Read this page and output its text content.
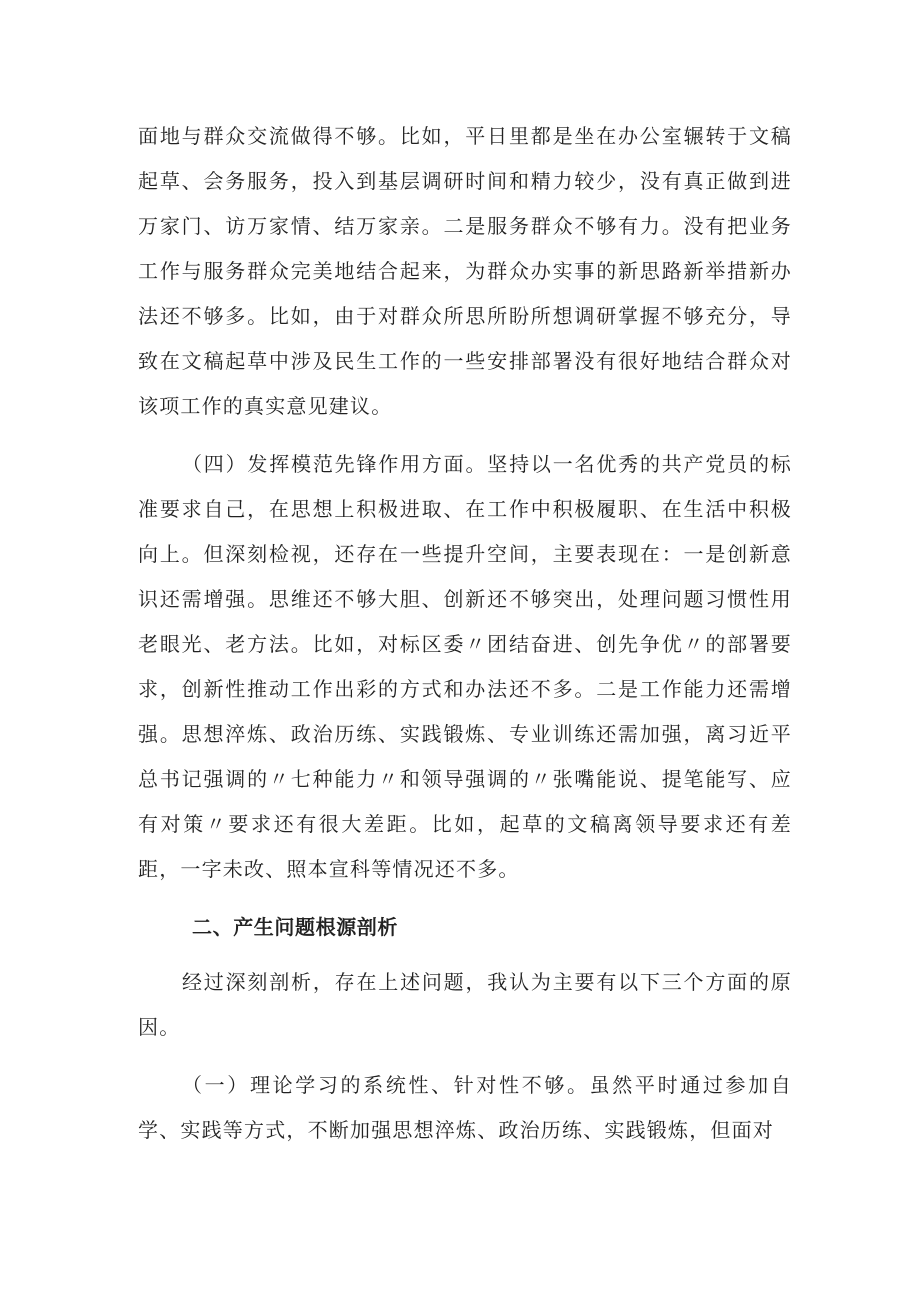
面地与群众交流做得不够。比如，平日里都是坐在办公室辗转于文稿起草、会务服务，投入到基层调研时间和精力较少，没有真正做到进万家门、访万家情、结万家亲。二是服务群众不够有力。没有把业务工作与服务群众完美地结合起来，为群众办实事的新思路新举措新办法还不够多。比如，由于对群众所思所盼所想调研掌握不够充分，导致在文稿起草中涉及民生工作的一些安排部署没有很好地结合群众对该项工作的真实意见建议。

（四）发挥模范先锋作用方面。坚持以一名优秀的共产党员的标准要求自己，在思想上积极进取、在工作中积极履职、在生活中积极向上。但深刻检视，还存在一些提升空间，主要表现在：一是创新意识还需增强。思维还不够大胆、创新还不够突出，处理问题习惯性用老眼光、老方法。比如，对标区委〃团结奋进、创先争优〃的部署要求，创新性推动工作出彩的方式和办法还不多。二是工作能力还需增强。思想淬炼、政治历练、实践锻炼、专业训练还需加强，离习近平总书记强调的〃七种能力〃和领导强调的〃张嘴能说、提笔能写、应有对策〃要求还有很大差距。比如，起草的文稿离领导要求还有差距，一字未改、照本宣科等情况还不多。

二、产生问题根源剖析

经过深刻剖析，存在上述问题，我认为主要有以下三个方面的原因。

（一）理论学习的系统性、针对性不够。虽然平时通过参加自学、实践等方式，不断加强思想淬炼、政治历练、实践锻炼，但面对
